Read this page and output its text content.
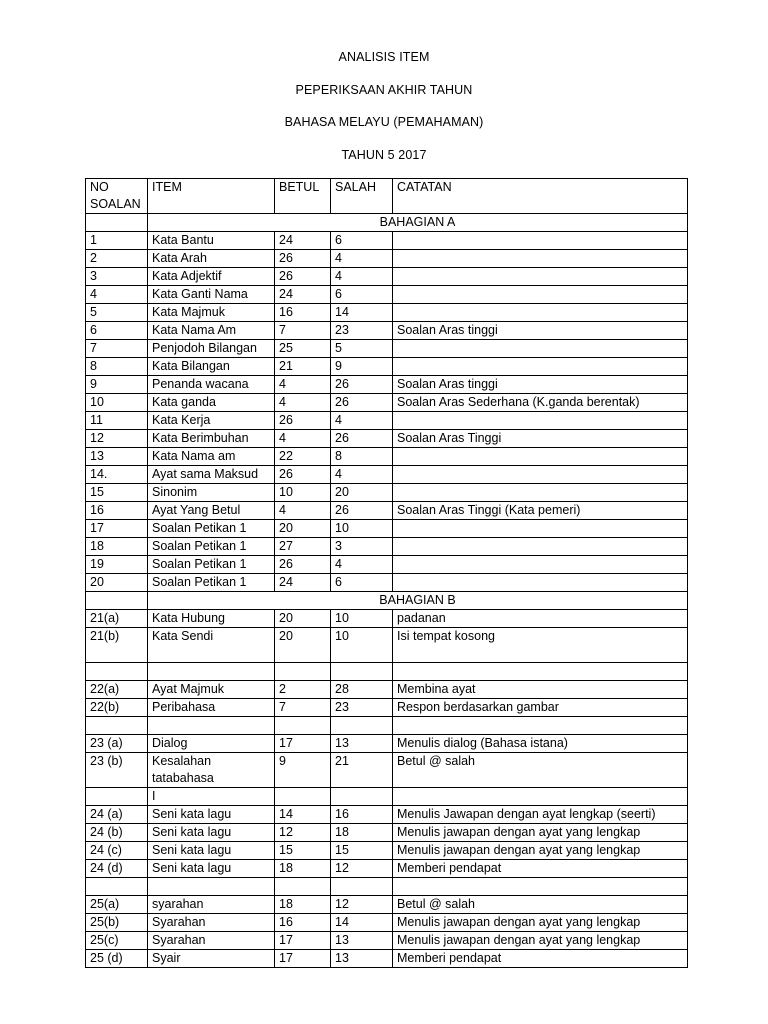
ANALISIS ITEM
PEPERIKSAAN AKHIR TAHUN
BAHASA MELAYU (PEMAHAMAN)
TAHUN 5 2017
NO SOALAN	ITEM	BETUL	SALAH	CATATAN
	BAHAGIAN A			
1	Kata Bantu	24	6	
2	Kata Arah	26	4	
3	Kata Adjektif	26	4	
4	Kata Ganti Nama	24	6	
5	Kata Majmuk	16	14	
6	Kata Nama Am	7	23	Soalan Aras tinggi
7	Penjodoh Bilangan	25	5	
8	Kata Bilangan	21	9	
9	Penanda wacana	4	26	Soalan Aras tinggi
10	Kata ganda	4	26	Soalan Aras Sederhana (K.ganda berentak)
11	Kata Kerja	26	4	
12	Kata Berimbuhan	4	26	Soalan Aras Tinggi
13	Kata Nama am	22	8	
14.	Ayat sama Maksud	26	4	
15	Sinonim	10	20	
16	Ayat Yang Betul	4	26	Soalan Aras Tinggi (Kata pemeri)
17	Soalan Petikan 1	20	10	
18	Soalan Petikan 1	27	3	
19	Soalan Petikan 1	26	4	
20	Soalan Petikan 1	24	6	
	BAHAGIAN B			
21(a)	Kata Hubung	20	10	padanan
21(b)	Kata Sendi	20	10	Isi tempat kosong

22(a)	Ayat Majmuk	2	28	Membina ayat
22(b)	Peribahasa	7	23	Respon berdasarkan gambar

23 (a)	Dialog	17	13	Menulis dialog (Bahasa istana)
23 (b)	Kesalahan tatabahasa	9	21	Betul @ salah
	I			
24 (a)	Seni kata lagu	14	16	Menulis Jawapan dengan ayat lengkap (seerti)
24 (b)	Seni kata lagu	12	18	Menulis jawapan dengan ayat yang lengkap
24 (c)	Seni kata lagu	15	15	Menulis jawapan dengan ayat yang lengkap
24 (d)	Seni kata lagu	18	12	Memberi pendapat

25(a)	syarahan	18	12	Betul @ salah
25(b)	Syarahan	16	14	Menulis jawapan dengan ayat yang lengkap
25(c)	Syarahan	17	13	Menulis jawapan dengan ayat yang lengkap
25 (d)	Syair	17	13	Memberi pendapat
